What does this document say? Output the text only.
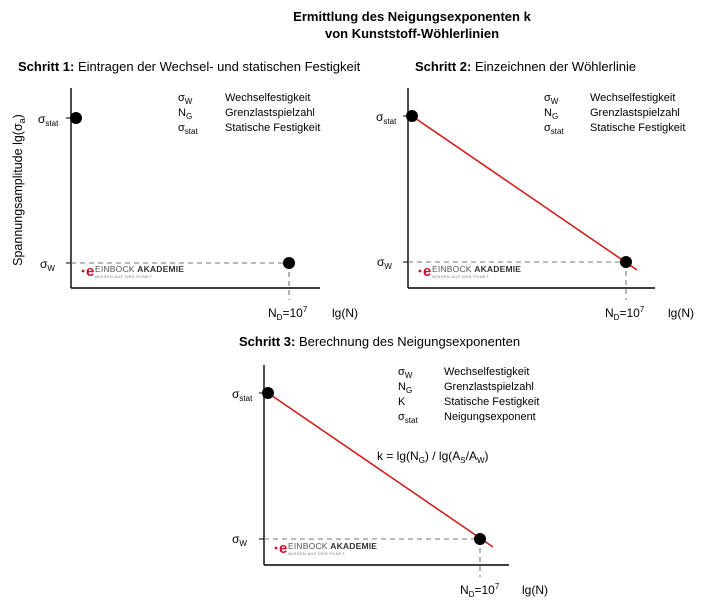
Ermittlung des Neigungsexponenten k
von Kunststoff-Wöhlerlinien
Spannungsamplitude $\lg(\sigma_a)$
Schritt 1: Eintragen der Wechsel- und statischen Festigkeit
$\sigma_W$	Wechselfestigkeit
$N_G$	Grenzlastspielzahl
$\sigma_{stat}$ Statische Festigkeit
$\sigma_{stat}$
$\sigma_W$
$N_D=10^7$ lg(N)
e EINBOCK AKADEMIE
WISSEN AUF DEN PUNKT.
Schritt 2: Einzeichnen der Wöhlerlinie
$\sigma_W$	Wechselfestigkeit
$N_G$	Grenzlastspielzahl
$\sigma_{stat}$ Statische Festigkeit
$\sigma_{stat}$
$\sigma_W$
$N_D=10^7$ lg(N)
e EINBOCK AKADEMIE
WISSEN AUF DEN PUNKT.
Schritt 3: Berechnung des Neigungsexponenten
$\sigma_W$	Wechselfestigkeit
$N_G$	Grenzlastspielzahl
K	Statische Festigkeit
$\sigma_{stat}$ Neigungsexponent
$\sigma_{stat}$
$\sigma_W$
$N_D=10^7$ lg(N)
$k = \lg(N_G) / \lg(A_S/A_W)$
e EINBOCK AKADEMIE
WISSEN AUF DEN PUNKT.
